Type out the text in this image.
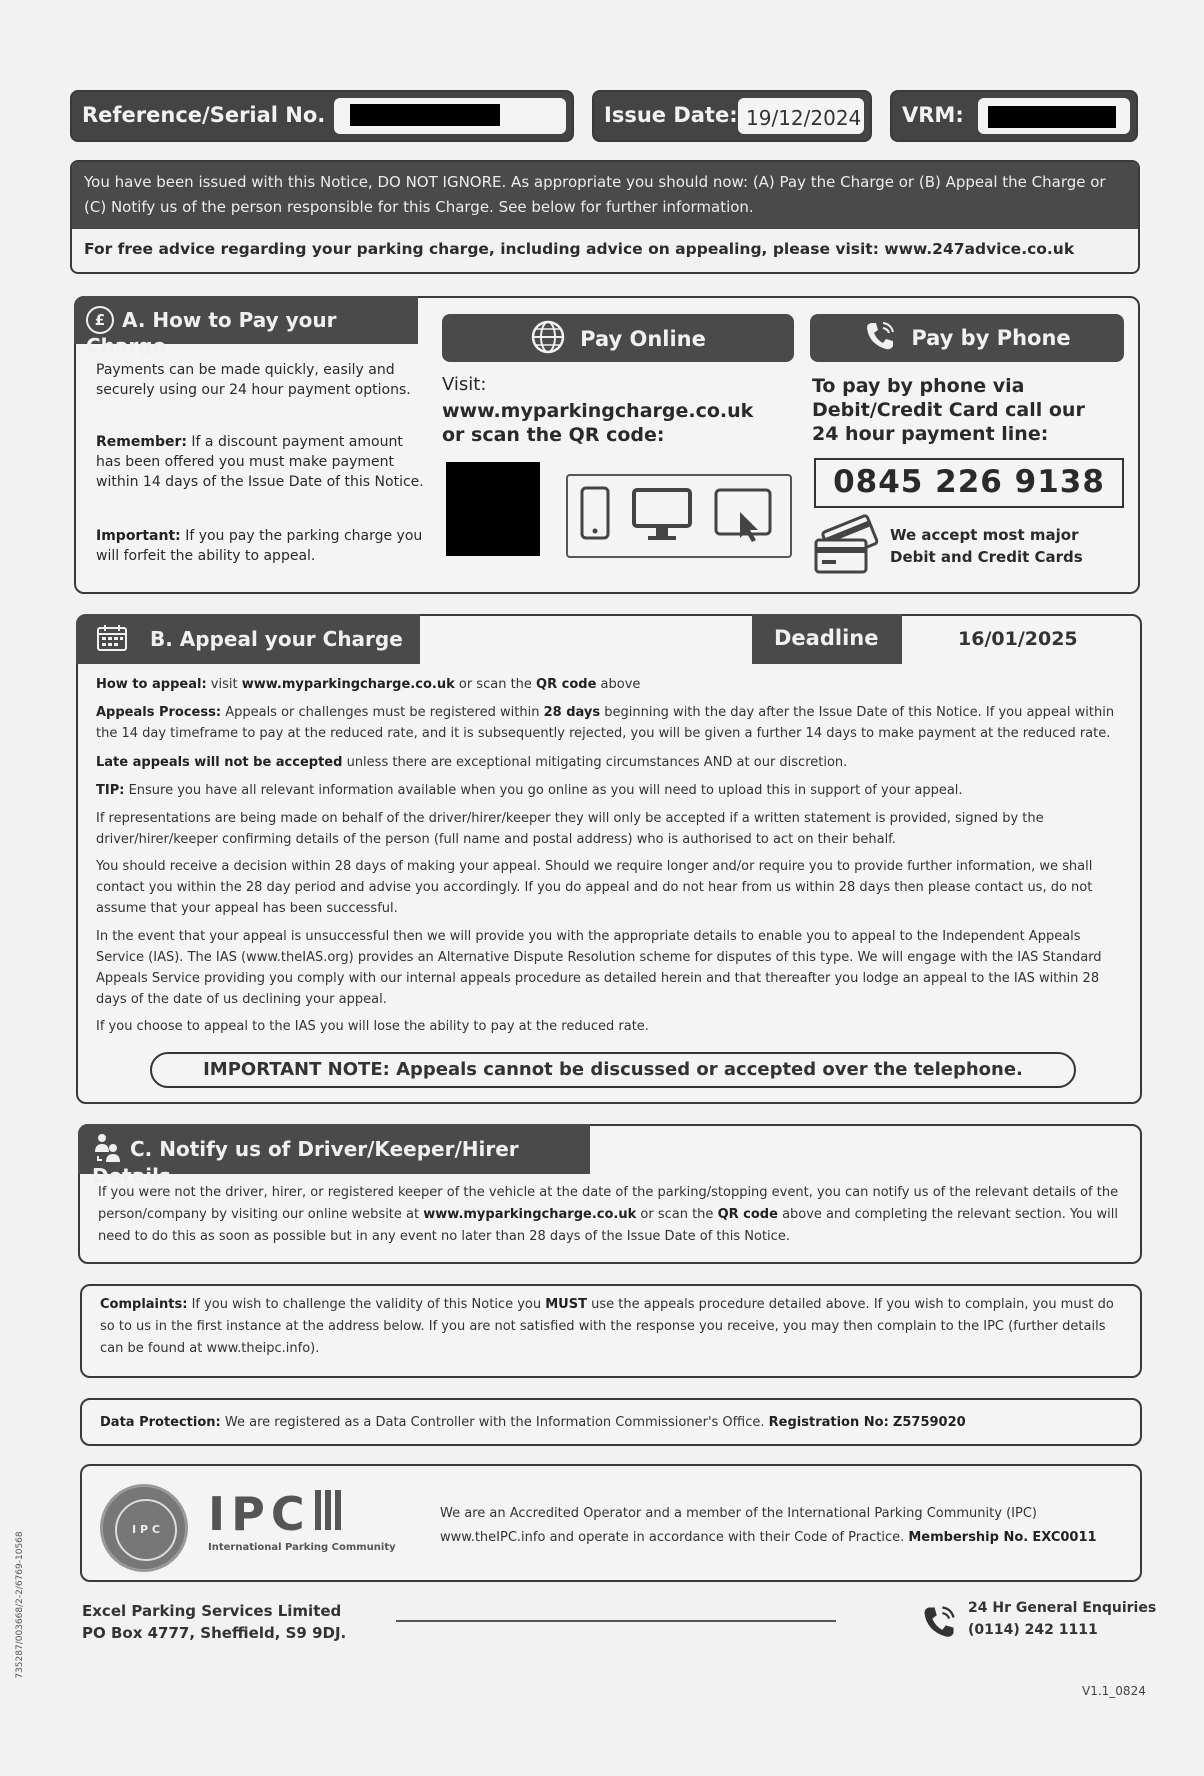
Reference/Serial No.	Issue Date: 19/12/2024 VRM:
You have been issued with this Notice, DO NOT IGNORE. As appropriate you should now: (A) Pay the Charge or (B) Appeal the Charge or (C) Notify us of the person responsible for this Charge. See below for further information.
For free advice regarding your parking charge, including advice on appealing, please visit: www.247advice.co.uk
£ A. How to Pay your Charge
Payments can be made quickly, easily and securely using our 24 hour payment options.
Remember: If a discount payment amount has been offered you must make payment within 14 days of the Issue Date of this Notice.
Important: If you pay the parking charge you will forfeit the ability to appeal.
Pay Online
Visit:
www.myparkingcharge.co.uk
or scan the QR code:
Pay by Phone
To pay by phone via Debit/Credit Card call our 24 hour payment line:
0845 226 9138
We accept most major Debit and Credit Cards
B. Appeal your Charge	Deadline	16/01/2025
How to appeal: visit www.myparkingcharge.co.uk or scan the QR code above
Appeals Process: Appeals or challenges must be registered within 28 days beginning with the day after the Issue Date of this Notice. If you appeal within the 14 day timeframe to pay at the reduced rate, and it is subsequently rejected, you will be given a further 14 days to make payment at the reduced rate.
Late appeals will not be accepted unless there are exceptional mitigating circumstances AND at our discretion.
TIP: Ensure you have all relevant information available when you go online as you will need to upload this in support of your appeal.
If representations are being made on behalf of the driver/hirer/keeper they will only be accepted if a written statement is provided, signed by the driver/hirer/keeper confirming details of the person (full name and postal address) who is authorised to act on their behalf.
You should receive a decision within 28 days of making your appeal. Should we require longer and/or require you to provide further information, we shall contact you within the 28 day period and advise you accordingly. If you do appeal and do not hear from us within 28 days then please contact us, do not assume that your appeal has been successful.
In the event that your appeal is unsuccessful then we will provide you with the appropriate details to enable you to appeal to the Independent Appeals Service (IAS). The IAS (www.theIAS.org) provides an Alternative Dispute Resolution scheme for disputes of this type. We will engage with the IAS Standard Appeals Service providing you comply with our internal appeals procedure as detailed herein and that thereafter you lodge an appeal to the IAS within 28 days of the date of us declining your appeal.
If you choose to appeal to the IAS you will lose the ability to pay at the reduced rate.
IMPORTANT NOTE: Appeals cannot be discussed or accepted over the telephone.
C. Notify us of Driver/Keeper/Hirer Details
If you were not the driver, hirer, or registered keeper of the vehicle at the date of the parking/stopping event, you can notify us of the relevant details of the person/company by visiting our online website at www.myparkingcharge.co.uk or scan the QR code above and completing the relevant section. You will need to do this as soon as possible but in any event no later than 28 days of the Issue Date of this Notice.
Complaints: If you wish to challenge the validity of this Notice you MUST use the appeals procedure detailed above. If you wish to complain, you must do so to us in the first instance at the address below. If you are not satisfied with the response you receive, you may then complain to the IPC (further details can be found at www.theipc.info).
Data Protection: We are registered as a Data Controller with the Information Commissioner's Office. Registration No: Z5759020
I P C	IPC
International Parking Community
We are an Accredited Operator and a member of the International Parking Community (IPC) www.theIPC.info and operate in accordance with their Code of Practice. Membership No. EXC0011
Excel Parking Services Limited
PO Box 4777, Sheffield, S9 9DJ.
24 Hr General Enquiries
(0114) 242 1111
V1.1_0824
735287/003668/2-2/6769-10568
